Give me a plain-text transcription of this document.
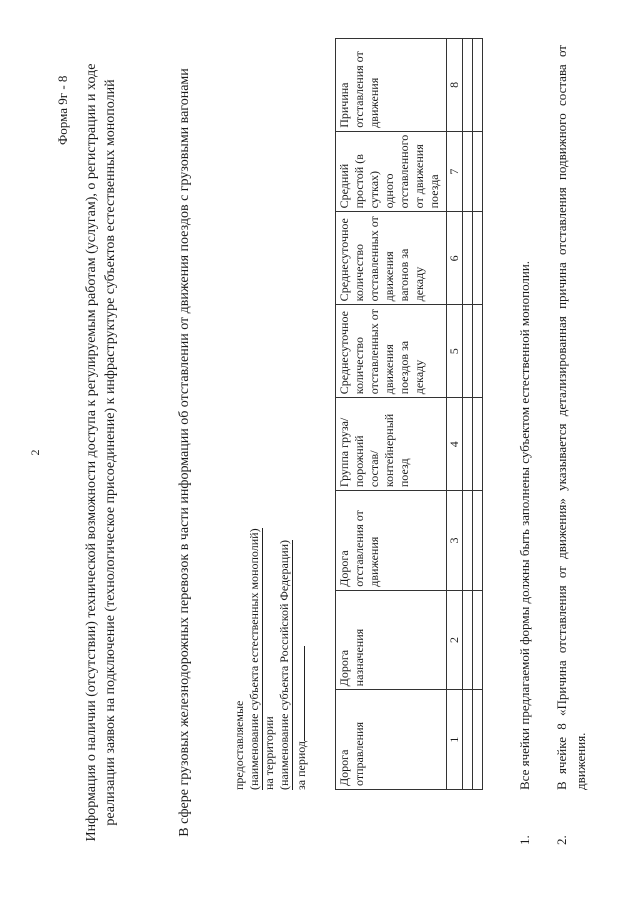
2
Форма 9г - 8 Информация о наличии (отсутствии) технической возможности доступа к регулируемым работам (услугам), о регистрации и ходе реализации заявок на подключение (технологическое присоединение) к инфраструктуре субъектов естественных монополий	В сфере грузовых железнодорожных перевозок в части информации об отставлении от движения поездов с грузовыми вагонами	предоставляемые (наименование субъекта естественных монополий) на территории (наименование субъекта Российской Федерации) за период Дорога отправления	Дорога назначения	Дорога отставления от движения	Группа груза/порожний состав/контейнерный поезд	Среднесуточное количество отставленных от движения поездов за декаду	Среднесуточное количество отставленных от движения вагонов за декаду	Средний простой (в сутках) одного отставленного от движения поезда	Причина отставления от движения
1	2	3	4	5	6	7	8

1.
Все ячейки предлагаемой формы должны быть заполнены субъектом естественной монополии.
2.
В ячейке 8 «Причина отставления от движения» указывается детализированная причина отставления подвижного состава от движения.
